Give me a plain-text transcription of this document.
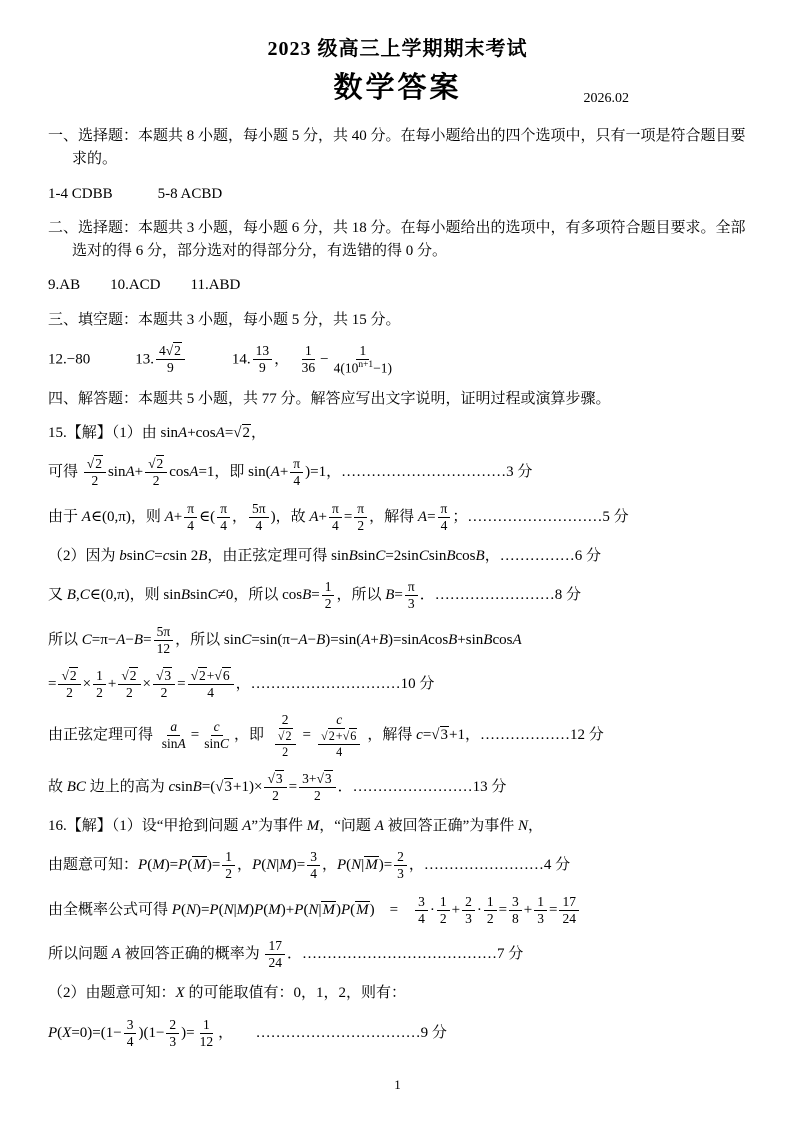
2023 级高三上学期期末考试
数学答案	2026.02
一、选择题：本题共 8 小题，每小题 5 分，共 40 分。在每小题给出的四个选项中，只有一项是符合题目要求的。
1-4 CDBB　　　5-8 ACBD
二、选择题：本题共 3 小题，每小题 6 分，共 18 分。在每小题给出的选项中，有多项符合题目要求。全部选对的得 6 分，部分选对的得部分分，有选错的得 0 分。
9.AB　　10.ACD　　11.ABD
三、填空题：本题共 3 小题，每小题 5 分，共 15 分。
12.−80　　　13. $\frac{4√2}{9}$ 　　　14. $\frac{13}{9}$ ，　 $\frac{1}{36} - \frac{1}{4(10^{n+1}-1)}$
四、解答题：本题共 5 小题，共 77 分。解答应写出文字说明，证明过程或演算步骤。
15.【解】（1）由 sinA+cosA=√2，
可得 $\frac{√2}{2} \sin A+ \frac{√2}{2} \cos A=1$，即 $\sin(A+ \frac{\pi}{4} )=1$，……………………………3 分
由于 A∈(0,π)，则 $A+ \frac{\pi}{4}$ ∈( $\frac{\pi}{4}$ ， $\frac{5\pi}{4}$ )，故 $A+ \frac{\pi}{4} = \frac{\pi}{2}$ ，解得 $A= \frac{\pi}{4}$ ；………………………5 分
（2）因为 bsinC=csin 2B，由正弦定理可得 sinBsinC=2sinCsinBcosB，……………6 分
又 B,C∈(0,π)，则 sinBsinC≠0，所以 $\cos B= \frac{1}{2}$ ，所以 $B= \frac{\pi}{3}$ ．……………………8 分
所以 $C=\pi-A-B= \frac{5\pi}{12}$ ，所以 sinC=sin(π−A−B)=sin(A+B)=sinAcosB+sinBcosA
= $\frac{√2}{2} \times \frac{1}{2} + \frac{√2}{2} \times \frac{√3}{2} = \frac{√2+√6}{4}$ ，…………………………10 分
由正弦定理可得 $\frac{a}{\sin A} = \frac{c}{\sin C}$ ，即 $\frac{2}{\frac{√2}{2}} = \frac{c}{\frac{√2+√6}{4}}$ ，解得 c=√3+1，………………12 分
故 BC 边上的高为 $csinB=(√3+1)\times \frac{√3}{2} = \frac{3+√3}{2}$ ．……………………13 分
16.【解】（1）设“甲抢到问题 A”为事件 M，“问题 A 被回答正确”为事件 N，
由题意可知：$P(M)=P(M)= \frac{1}{2}$ ，$P(N|M)= \frac{3}{4}$ ，$P(N|M)= \frac{2}{3}$ ，……………………4 分
由全概率公式可得 P(N)=P(N|M)P(M)+P(N|M)P(M)　=　 $\frac{3}{4} \cdot \frac{1}{2} + \frac{2}{3} \cdot \frac{1}{2} = \frac{3}{8} + \frac{1}{3} = \frac{17}{24}$
所以问题 A 被回答正确的概率为 $\frac{17}{24}$ ．…………………………………7 分
（2）由题意可知：X 的可能取值有：0，1，2，则有：
$P(X=0)=(1- \frac{3}{4} )(1- \frac{2}{3}$ )= $\frac{1}{12}$ ，　　……………………………9 分
1
